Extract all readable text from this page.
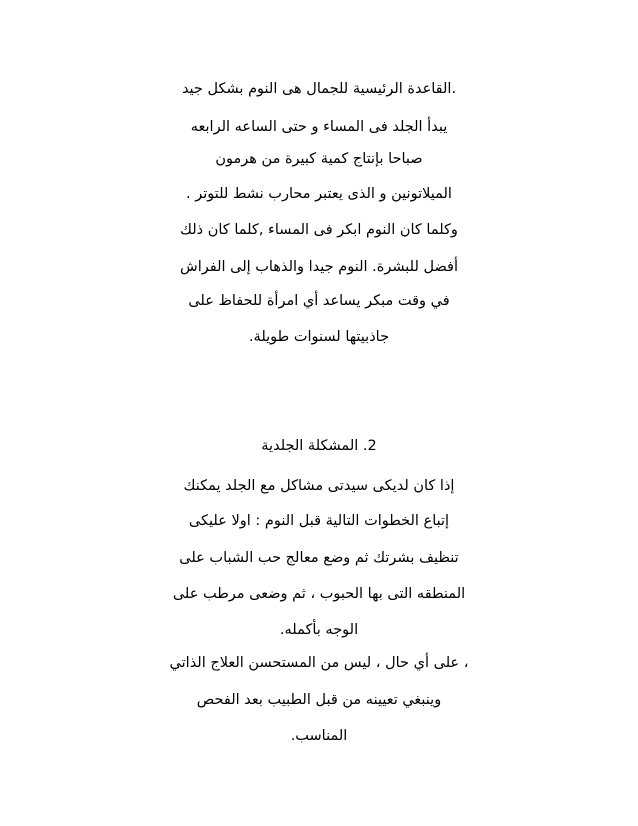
.القاعدة الرئيسية للجمال هى النوم بشكل جيد
يبدأ الجلد فى المساء و حتى الساعه الرابعه
صباحا بإنتاج كمية كبيرة من هرمون
الميلاتونين و الذى يعتبر محارب نشط للتوتر .
وكلما كان النوم ابكر فى المساء ,كلما كان ذلك
أفضل للبشرة. النوم جيدا والذهاب إلى الفراش
في وقت مبكر يساعد أي امرأة للحفاظ على
جاذبيتها لسنوات طويلة.
2. المشكلة الجلدية
إذا كان لديكى سيدتى مشاكل مع الجلد يمكنك
إتباع الخطوات التالية قبل النوم : اولا عليكى
تنظيف بشرتك ثم وضع معالج حب الشباب على
المنطقه التى بها الحبوب ، ثم وضعى مرطب على
الوجه بأكمله.
، على أي حال ، ليس من المستحسن العلاج الذاتي
وينبغي تعيينه من قبل الطبيب بعد الفحص
المناسب.
